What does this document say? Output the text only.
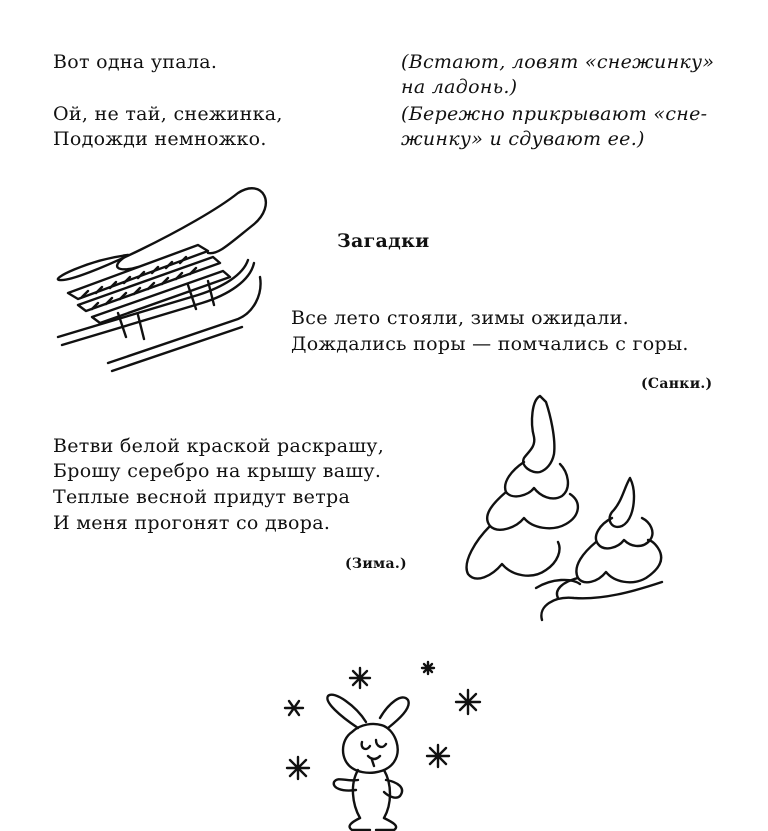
Вот одна упала.
Ой, не тай, снежинка,
Подожди немножко.
(Встают, ловят «снежинку»
на ладонь.)
(Бережно прикрывают «сне-
жинку» и сдувают ее.)
Загадки
Все лето стояли, зимы ожидали.
Дождались поры — помчались с горы.
(Санки.)
Ветви белой краской раскрашу,
Брошу серебро на крышу вашу.
Теплые весной придут ветра
И меня прогонят со двора.
(Зима.)
